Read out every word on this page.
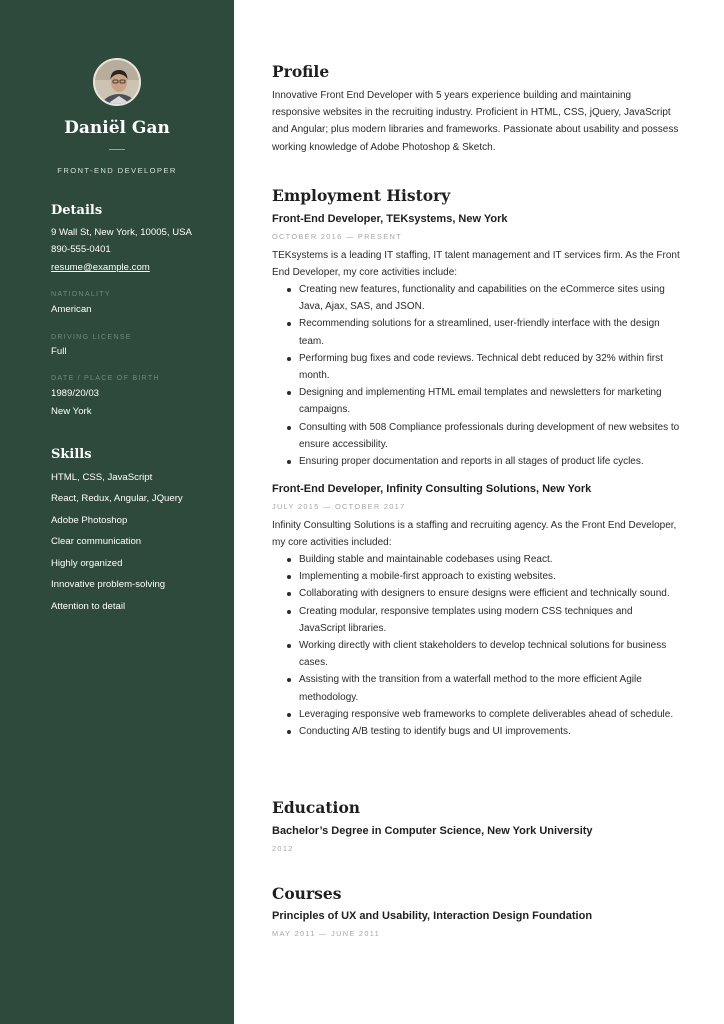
Daniël Gan
FRONT-END DEVELOPER
Details
9 Wall St, New York, 10005, USA
890-555-0401
resume@example.com
NATIONALITY
American
DRIVING LICENSE
Full
DATE / PLACE OF BIRTH
1989/20/03
New York
Skills
HTML, CSS, JavaScript
React, Redux, Angular, JQuery
Adobe Photoshop
Clear communication
Highly organized
Innovative problem-solving
Attention to detail
Profile
Innovative Front End Developer with 5 years experience building and maintaining responsive websites in the recruiting industry. Proficient in HTML, CSS, jQuery, JavaScript and Angular; plus modern libraries and frameworks. Passionate about usability and possess working knowledge of Adobe Photoshop & Sketch.
Employment History
Front-End Developer, TEKsystems, New York
OCTOBER 2016 — PRESENT
TEKsystems is a leading IT staffing, IT talent management and IT services firm. As the Front End Developer, my core activities include:
Creating new features, functionality and capabilities on the eCommerce sites using Java, Ajax, SAS, and JSON.
Recommending solutions for a streamlined, user-friendly interface with the design team.
Performing bug fixes and code reviews. Technical debt reduced by 32% within first month.
Designing and implementing HTML email templates and newsletters for marketing campaigns.
Consulting with 508 Compliance professionals during development of new websites to ensure accessibility.
Ensuring proper documentation and reports in all stages of product life cycles.
Front-End Developer, Infinity Consulting Solutions, New York
JULY 2015 — OCTOBER 2017
Infinity Consulting Solutions is a staffing and recruiting agency. As the Front End Developer, my core activities included:
Building stable and maintainable codebases using React.
Implementing a mobile-first approach to existing websites.
Collaborating with designers to ensure designs were efficient and technically sound.
Creating modular, responsive templates using modern CSS techniques and JavaScript libraries.
Working directly with client stakeholders to develop technical solutions for business cases.
Assisting with the transition from a waterfall method to the more efficient Agile methodology.
Leveraging responsive web frameworks to complete deliverables ahead of schedule.
Conducting A/B testing to identify bugs and UI improvements.
Education
Bachelor’s Degree in Computer Science, New York University
2012
Courses
Principles of UX and Usability, Interaction Design Foundation
MAY 2011 — JUNE 2011
